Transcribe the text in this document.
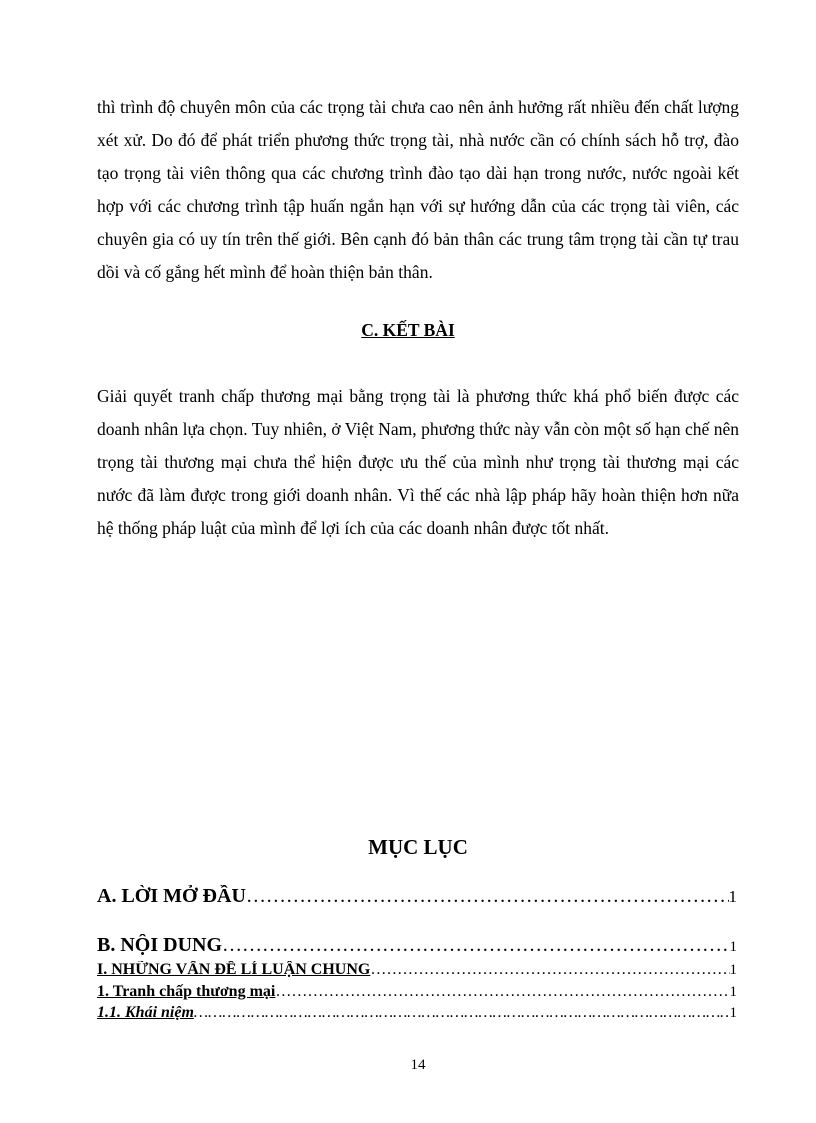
thì trình độ chuyên môn của các trọng tài chưa cao nên ảnh hưởng rất nhiều đến chất lượng xét xử. Do đó để phát triển phương thức trọng tài, nhà nước cần có chính sách hỗ trợ, đào tạo trọng tài viên thông qua các chương trình đào tạo dài hạn trong nước, nước ngoài kết hợp với các chương trình tập huấn ngắn hạn với sự hướng dẫn của các trọng tài viên, các chuyên gia có uy tín trên thế giới. Bên cạnh đó bản thân các trung tâm trọng tài cần tự trau dồi và cố gắng hết mình để hoàn thiện bản thân.

C. KẾT BÀI

Giải quyết tranh chấp thương mại bằng trọng tài là phương thức khá phổ biến được các doanh nhân lựa chọn. Tuy nhiên, ở Việt Nam, phương thức này vẫn còn một số hạn chế nên trọng tài thương mại chưa thể hiện được ưu thế của mình như trọng tài thương mại các nước đã làm được trong giới doanh nhân. Vì thế các nhà lập pháp hãy hoàn thiện hơn nữa hệ thống pháp luật của mình để lợi ích của các doanh nhân được tốt nhất.

MỤC LỤC
A. LỜI MỞ ĐẦU ……………………………………………………………………………………………………………………………………………………	1
B. NỘI DUNG ……………………………………………………………………………………………………………………………………………………	1
I. NHỮNG VẤN ĐỀ LÍ LUẬN CHUNG ……………………………………………………………………………………………………………………………………………………	1
1. Tranh chấp thương mại ……………………………………………………………………………………………………………………………………………………	1
1.1. Khái niệm ……………………………………………………………………………………………………………………………………………………	1
14
